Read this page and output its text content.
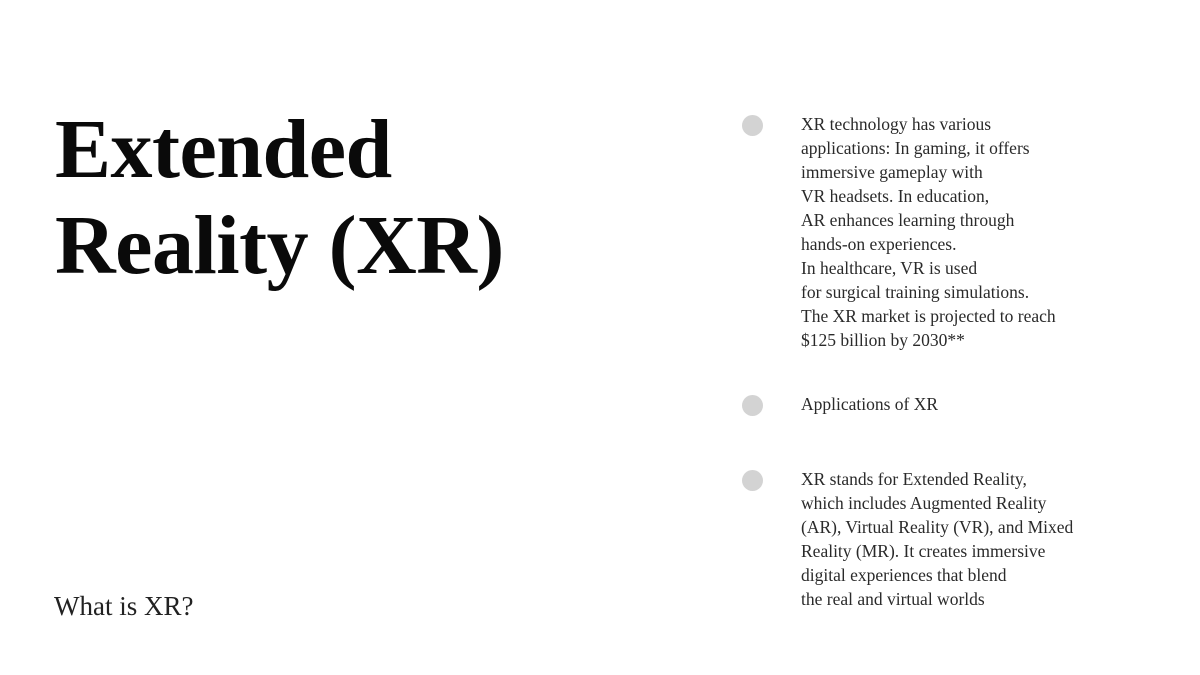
Extended
Reality (XR)

What is XR?

XR technology has various
applications: In gaming, it offers
immersive gameplay with
VR headsets. In education,
AR enhances learning through
hands-on experiences.
In healthcare, VR is used
for surgical training simulations.
The XR market is projected to reach
$125 billion by 2030**
Applications of XR
XR stands for Extended Reality,
which includes Augmented Reality
(AR), Virtual Reality (VR), and Mixed
Reality (MR). It creates immersive
digital experiences that blend
the real and virtual worlds
